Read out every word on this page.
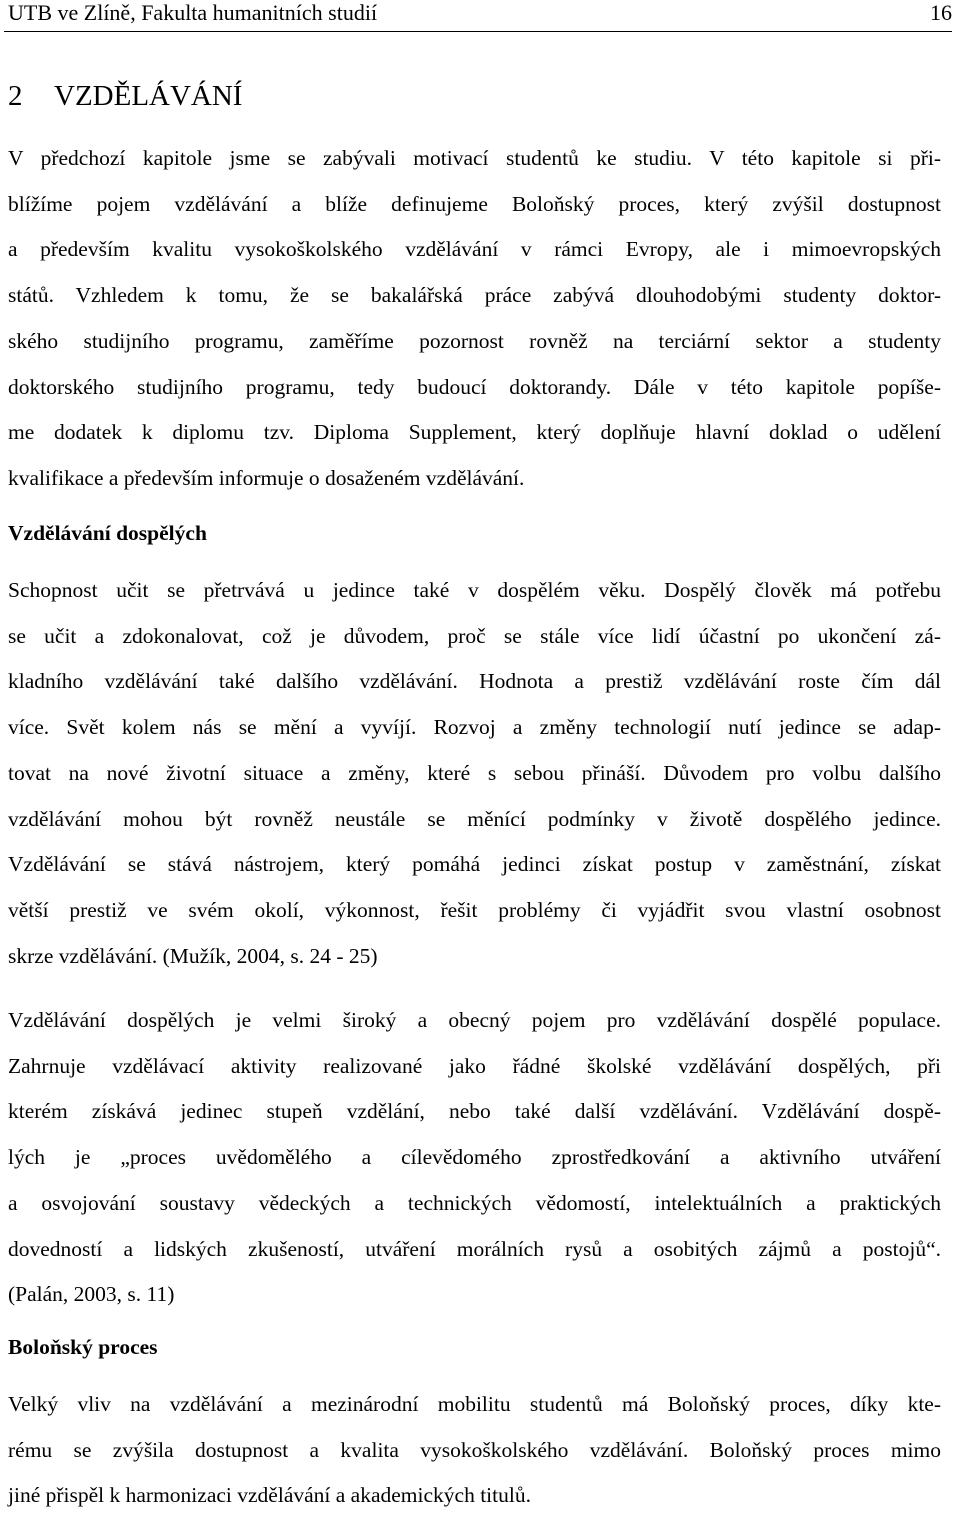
UTB ve Zlíně, Fakulta humanitních studií	16
2 VZDĚLÁVÁNÍ
V předchozí kapitole jsme se zabývali motivací studentů ke studiu. V této kapitole si při-
blížíme pojem vzdělávání a blíže definujeme Boloňský proces, který zvýšil dostupnost
a především kvalitu vysokoškolského vzdělávání v rámci Evropy, ale i mimoevropských
států. Vzhledem k tomu, že se bakalářská práce zabývá dlouhodobými studenty doktor-
ského studijního programu, zaměříme pozornost rovněž na terciární sektor a studenty
doktorského studijního programu, tedy budoucí doktorandy. Dále v této kapitole popíše-
me dodatek k diplomu tzv. Diploma Supplement, který doplňuje hlavní doklad o udělení
kvalifikace a především informuje o dosaženém vzdělávání.
Vzdělávání dospělých
Schopnost učit se přetrvává u jedince také v dospělém věku. Dospělý člověk má potřebu
se učit a zdokonalovat, což je důvodem, proč se stále více lidí účastní po ukončení zá-
kladního vzdělávání také dalšího vzdělávání. Hodnota a prestiž vzdělávání roste čím dál
více. Svět kolem nás se mění a vyvíjí. Rozvoj a změny technologií nutí jedince se adap-
tovat na nové životní situace a změny, které s sebou přináší. Důvodem pro volbu dalšího
vzdělávání mohou být rovněž neustále se měnící podmínky v životě dospělého jedince.
Vzdělávání se stává nástrojem, který pomáhá jedinci získat postup v zaměstnání, získat
větší prestiž ve svém okolí, výkonnost, řešit problémy či vyjádřit svou vlastní osobnost
skrze vzdělávání. (Mužík, 2004, s. 24 - 25)
Vzdělávání dospělých je velmi široký a obecný pojem pro vzdělávání dospělé populace.
Zahrnuje vzdělávací aktivity realizované jako řádné školské vzdělávání dospělých, při
kterém získává jedinec stupeň vzdělání, nebo také další vzdělávání. Vzdělávání dospě-
lých je „proces uvědomělého a cílevědomého zprostředkování a aktivního utváření
a osvojování soustavy vědeckých a technických vědomostí, intelektuálních a praktických
dovedností a lidských zkušeností, utváření morálních rysů a osobitých zájmů a postojů“.
(Palán, 2003, s. 11)
Boloňský proces
Velký vliv na vzdělávání a mezinárodní mobilitu studentů má Boloňský proces, díky kte-
rému se zvýšila dostupnost a kvalita vysokoškolského vzdělávání. Boloňský proces mimo
jiné přispěl k harmonizaci vzdělávání a akademických titulů.
